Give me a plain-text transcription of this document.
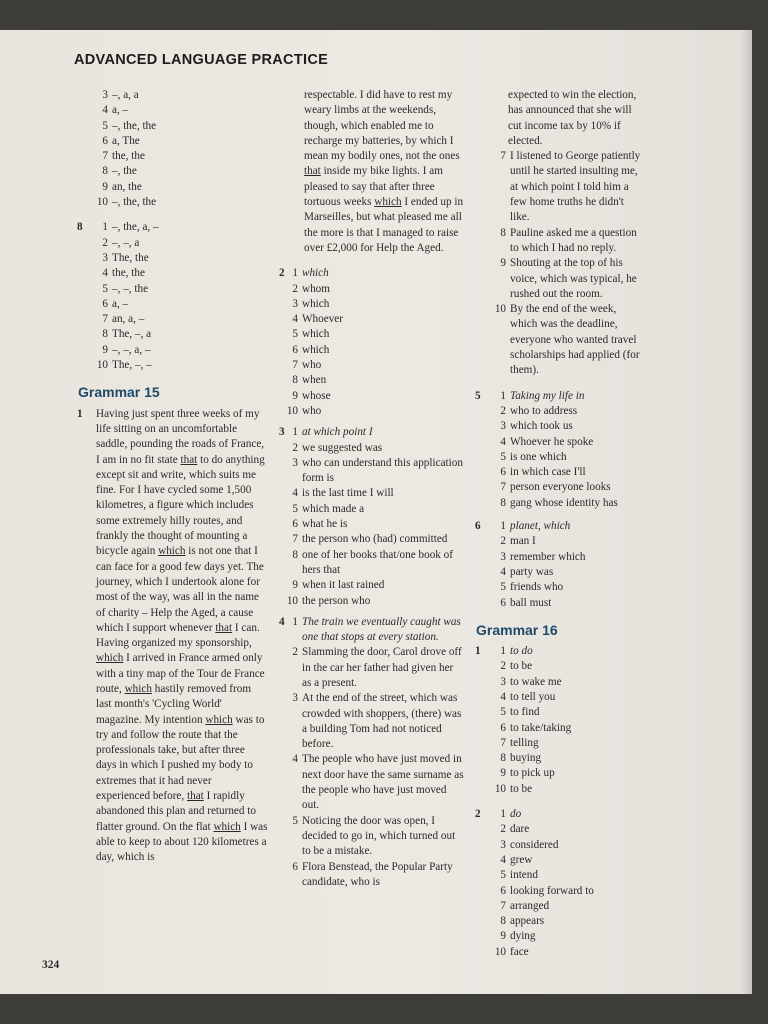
ADVANCED LANGUAGE PRACTICE
3 –, a, a
4 a, –
5 –, the, the
6 a, The
7 the, the
8 –, the
9 an, the
10 –, the, the
8	1 –, the, a, –
2 –, –, a
3 The, the
4 the, the
5 –, –, the
6 a, –
7 an, a, –
8 The, –, a
9 –, –, a, –
10 The, –, –
Grammar 15
1	Having just spent three weeks of my life sitting on an uncomfortable saddle, pounding the roads of France, I am in no fit state that to do anything except sit and write, which suits me fine. For I have cycled some 1,500 kilometres, a figure which includes some extremely hilly routes, and frankly the thought of mounting a bicycle again which is not one that I can face for a good few days yet. The journey, which I undertook alone for most of the way, was all in the name of charity – Help the Aged, a cause which I support whenever that I can. Having organized my sponsorship, which I arrived in France armed only with a tiny map of the Tour de France route, which hastily removed from last month's 'Cycling World' magazine. My intention which was to try and follow the route that the professionals take, but after three days in which I pushed my body to extremes that it had never experienced before, that I rapidly abandoned this plan and returned to flatter ground. On the flat which I was able to keep to about 120 kilometres a day, which is

respectable. I did have to rest my weary limbs at the weekends, though, which enabled me to recharge my batteries, by which I mean my bodily ones, not the ones that inside my bike lights. I am pleased to say that after three tortuous weeks which I ended up in Marseilles, but what pleased me all the more is that I managed to raise over £2,000 for Help the Aged.

2 1 which
2 whom
3 which
4 Whoever
5 which
6 which
7 who
8 when
9 whose
10 who
3 1 at which point I
2 we suggested was
3 who can understand this application form is
4 is the last time I will
5 which made a
6 what he is
7 the person who (had) committed
8 one of her books that/one book of hers that
9 when it last rained
10 the person who
4 1 The train we eventually caught was one that stops at every station.
2 Slamming the door, Carol drove off in the car her father had given her as a present.
3 At the end of the street, which was crowded with shoppers, (there) was a building Tom had not noticed before.
4 The people who have just moved in next door have the same surname as the people who have just moved out.
5 Noticing the door was open, I decided to go in, which turned out to be a mistake.
6 Flora Benstead, the Popular Party candidate, who is
expected to win the election, has announced that she will cut income tax by 10% if elected.
7 I listened to George patiently until he started insulting me, at which point I told him a few home truths he didn't like.
8 Pauline asked me a question to which I had no reply.
9 Shouting at the top of his voice, which was typical, he rushed out the room.
10 By the end of the week, which was the deadline, everyone who wanted travel scholarships had applied (for them).
5	1 Taking my life in
2 who to address
3 which took us
4 Whoever he spoke
5 is one which
6 in which case I'll
7 person everyone looks
8 gang whose identity has
6	1 planet, which
2 man I
3 remember which
4 party was
5 friends who
6 ball must
Grammar 16
1	1 to do
2 to be
3 to wake me
4 to tell you
5 to find
6 to take/taking
7 telling
8 buying
9 to pick up
10 to be
2	1 do
2 dare
3 considered
4 grew
5 intend
6 looking forward to
7 arranged
8 appears
9 dying
10 face
324
